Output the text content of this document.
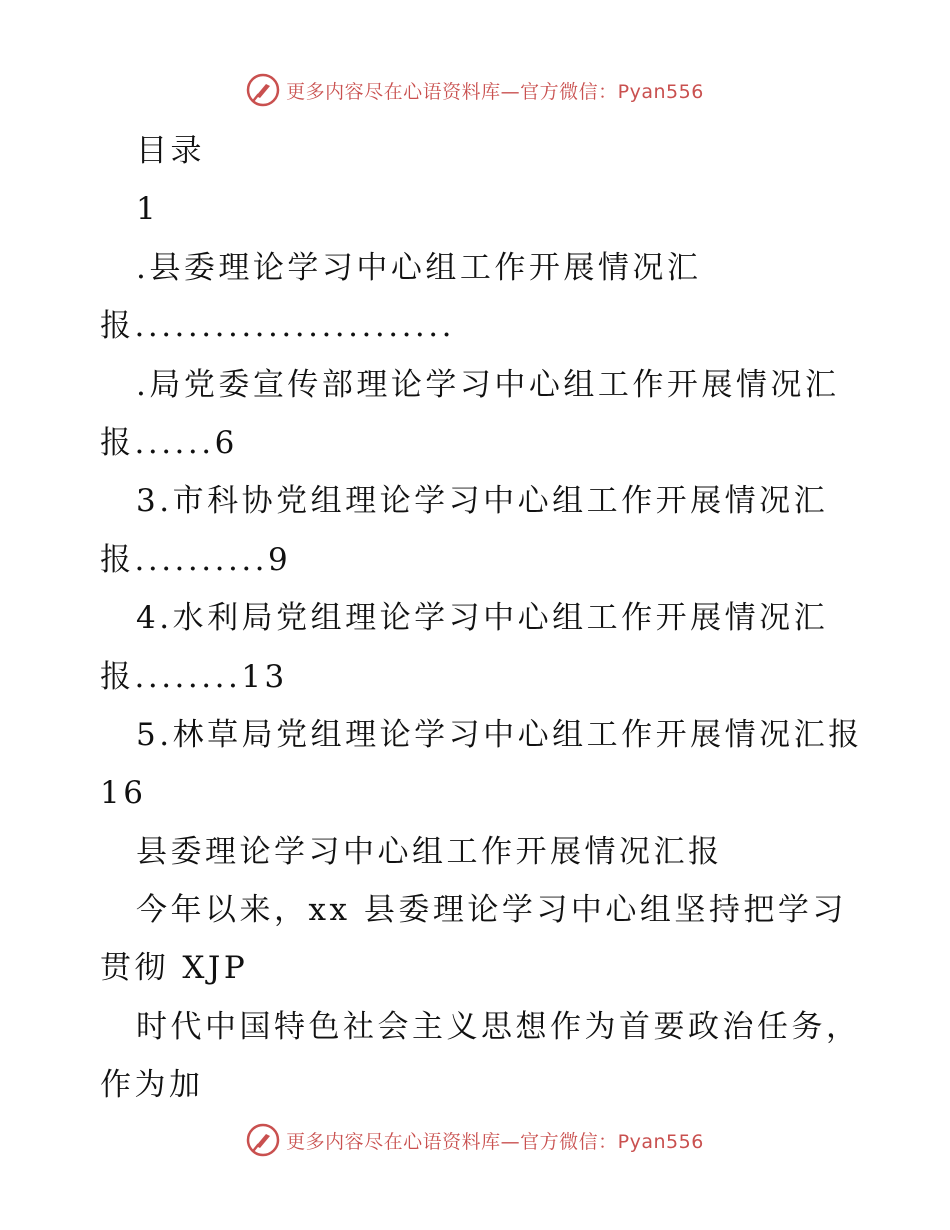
更多内容尽在心语资料库—官方微信：Pyan556
目录
1
.县委理论学习中心组工作开展情况汇
报........................
.局党委宣传部理论学习中心组工作开展情况汇
报......6
3.市科协党组理论学习中心组工作开展情况汇
报..........9
4.水利局党组理论学习中心组工作开展情况汇
报........13
5.林草局党组理论学习中心组工作开展情况汇报
16
县委理论学习中心组工作开展情况汇报
今年以来，xx 县委理论学习中心组坚持把学习
贯彻 XJP
时代中国特色社会主义思想作为首要政治任务，
作为加
更多内容尽在心语资料库—官方微信：Pyan556
